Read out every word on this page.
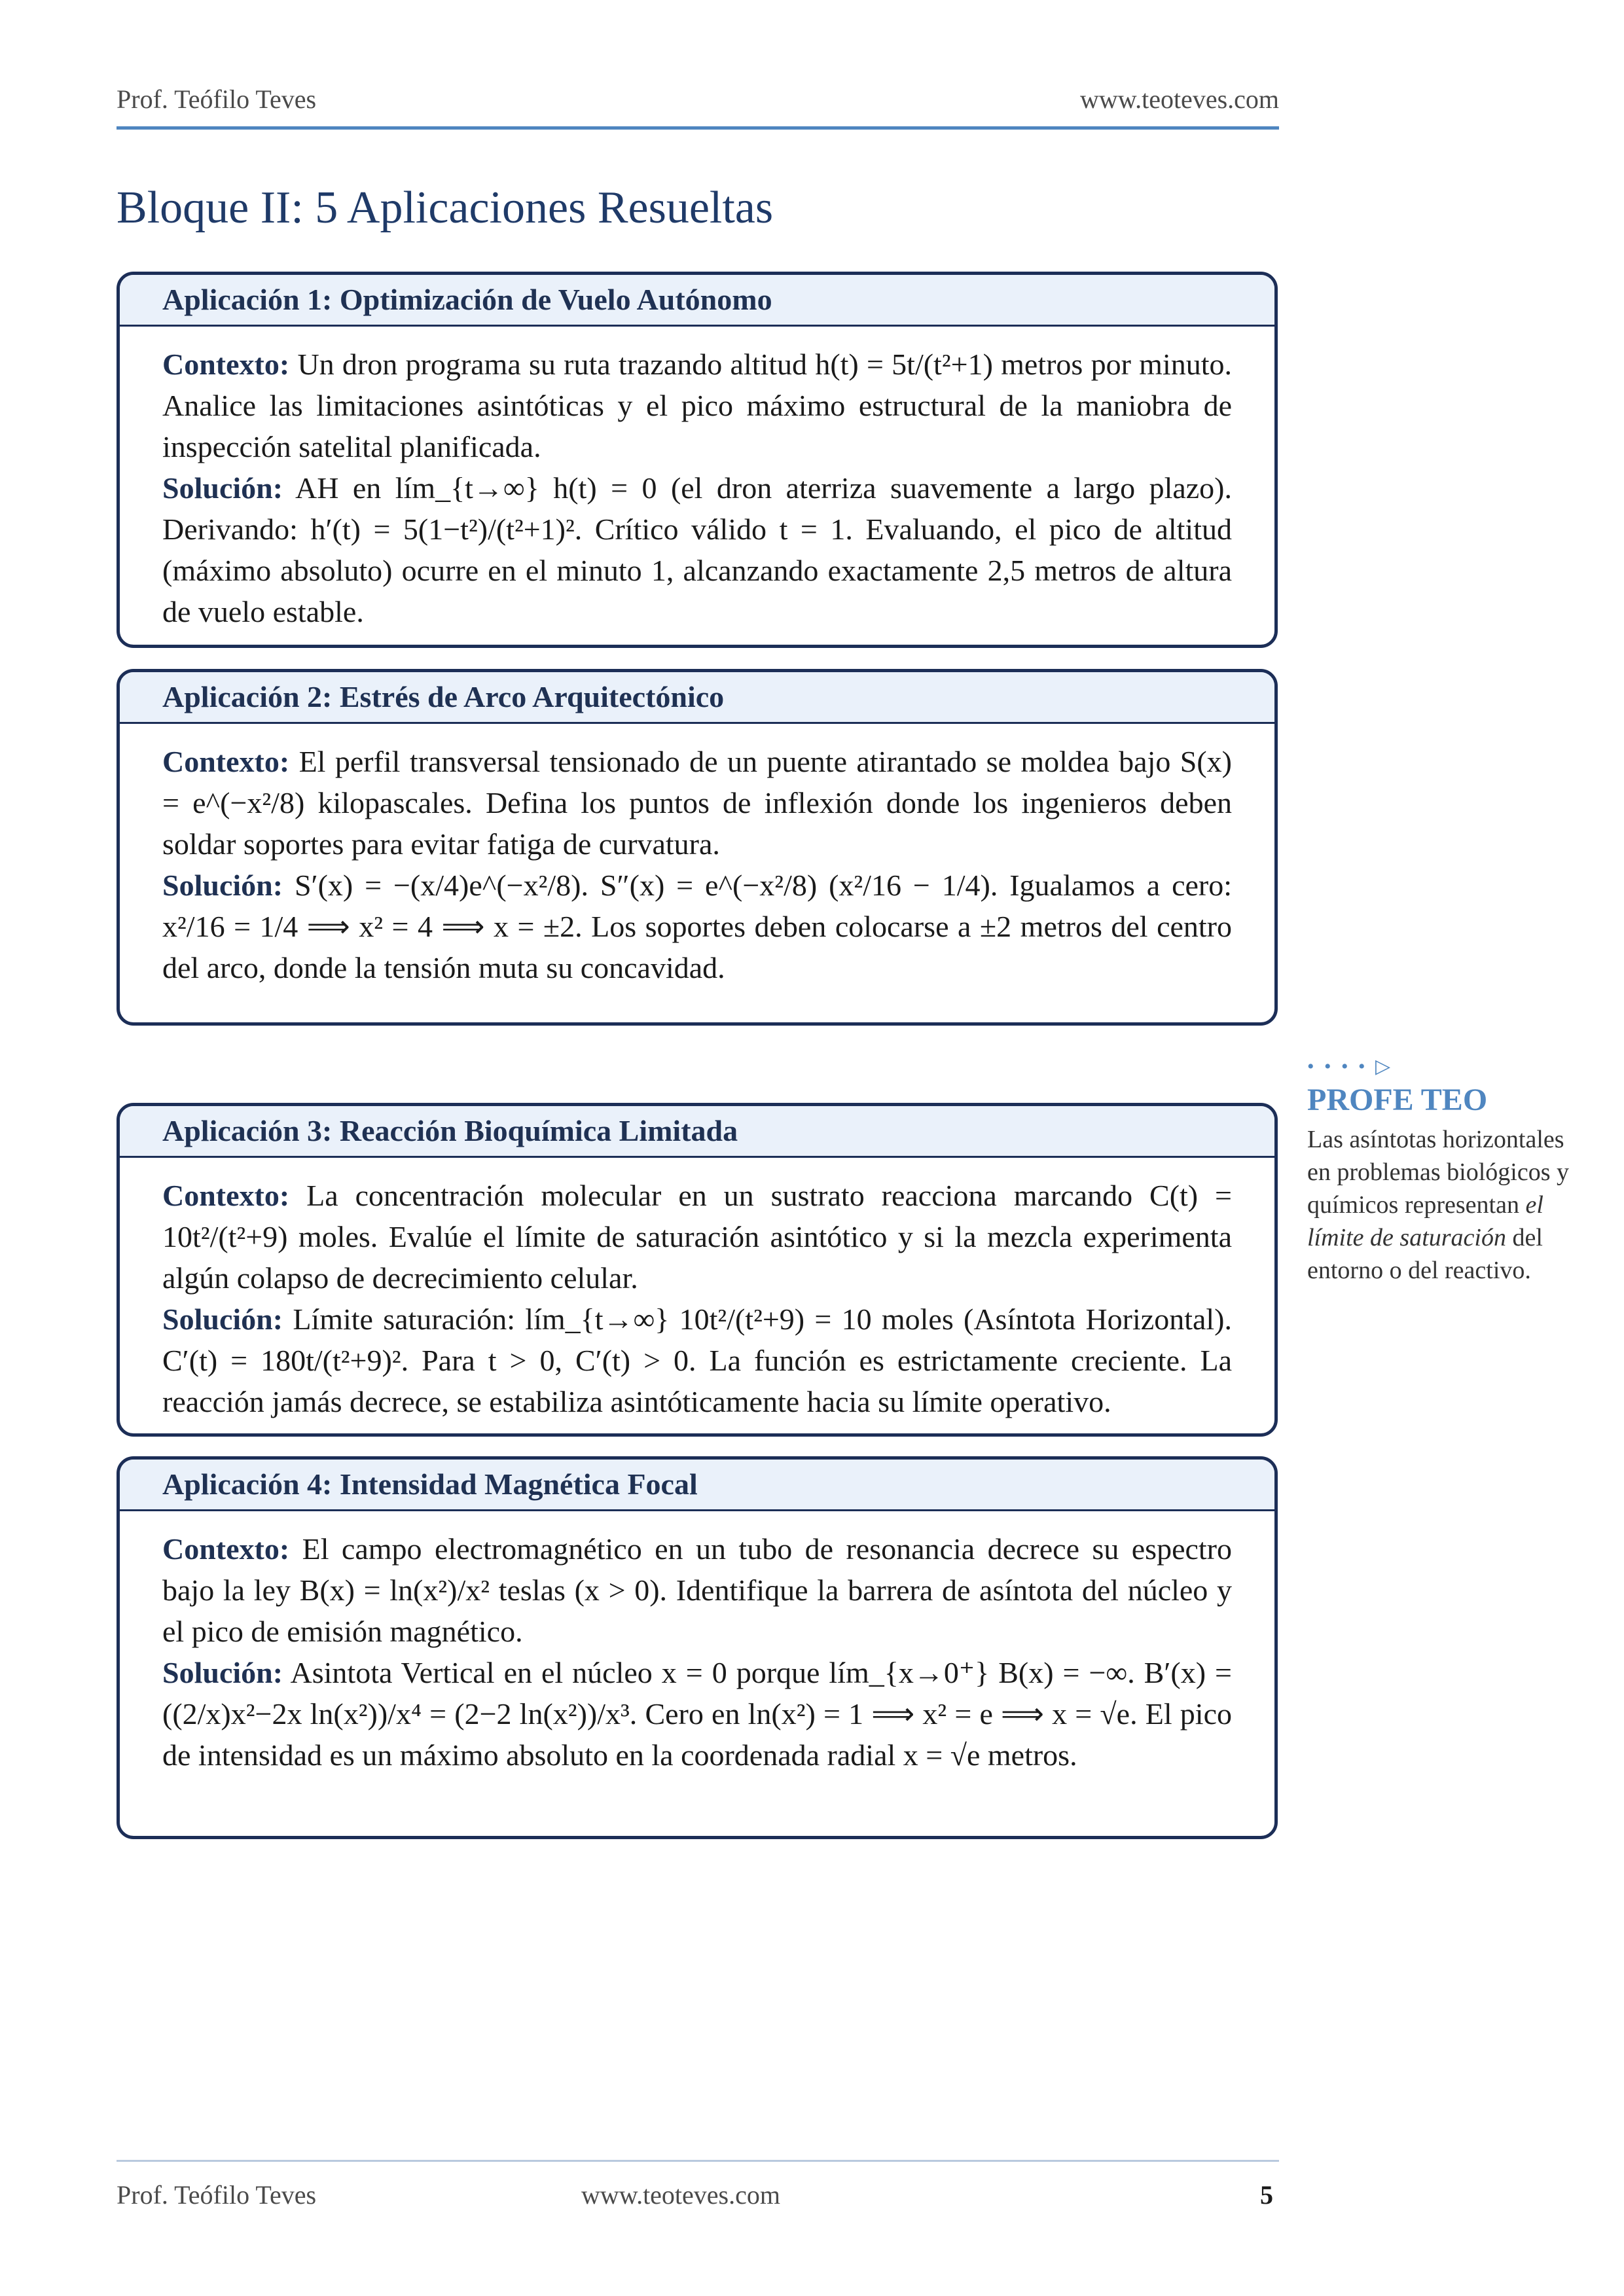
Prof. Teófilo Teves	www.teoteves.com
Bloque II: 5 Aplicaciones Resueltas
Aplicación 1: Optimización de Vuelo Autónomo
Contexto: Un dron programa su ruta trazando altitud h(t) = 5t/(t²+1) metros por minuto. Analice las limitaciones asintóticas y el pico máximo estructural de la maniobra de inspección satelital planificada.
Solución: AH en lím_{t→∞} h(t) = 0 (el dron aterriza suavemente a largo plazo). Derivando: h′(t) = 5(1−t²)/(t²+1)². Crítico válido t = 1. Evaluando, el pico de altitud (máximo absoluto) ocurre en el minuto 1, alcanzando exactamente 2,5 metros de altura de vuelo estable.
Aplicación 2: Estrés de Arco Arquitectónico
Contexto: El perfil transversal tensionado de un puente atirantado se moldea bajo S(x) = e^(−x²/8) kilopascales. Defina los puntos de inflexión donde los ingenieros deben soldar soportes para evitar fatiga de curvatura.
Solución: S′(x) = −(x/4)e^(−x²/8). S″(x) = e^(−x²/8) (x²/16 − 1/4). Igualamos a cero: x²/16 = 1/4 ⟹ x² = 4 ⟹ x = ±2. Los soportes deben colocarse a ±2 metros del centro del arco, donde la tensión muta su concavidad.
Aplicación 3: Reacción Bioquímica Limitada
Contexto: La concentración molecular en un sustrato reacciona marcando C(t) = 10t²/(t²+9) moles. Evalúe el límite de saturación asintótico y si la mezcla experimenta algún colapso de decrecimiento celular.
Solución: Límite saturación: lím_{t→∞} 10t²/(t²+9) = 10 moles (Asíntota Horizontal). C′(t) = 180t/(t²+9)². Para t > 0, C′(t) > 0. La función es estrictamente creciente. La reacción jamás decrece, se estabiliza asintóticamente hacia su límite operativo.
Aplicación 4: Intensidad Magnética Focal
Contexto: El campo electromagnético en un tubo de resonancia decrece su espectro bajo la ley B(x) = ln(x²)/x² teslas (x > 0). Identifique la barrera de asíntota del núcleo y el pico de emisión magnético.
Solución: Asintota Vertical en el núcleo x = 0 porque lím_{x→0⁺} B(x) = −∞. B′(x) = ((2/x)x²−2x ln(x²))/x⁴ = (2−2 ln(x²))/x³. Cero en ln(x²) = 1 ⟹ x² = e ⟹ x = √e. El pico de intensidad es un máximo absoluto en la coordenada radial x = √e metros.
• • • • ▷
PROFE TEO
Las asíntotas horizontales en problemas biológicos y químicos representan el límite de saturación del entorno o del reactivo.
Prof. Teófilo Teves	www.teoteves.com	5
